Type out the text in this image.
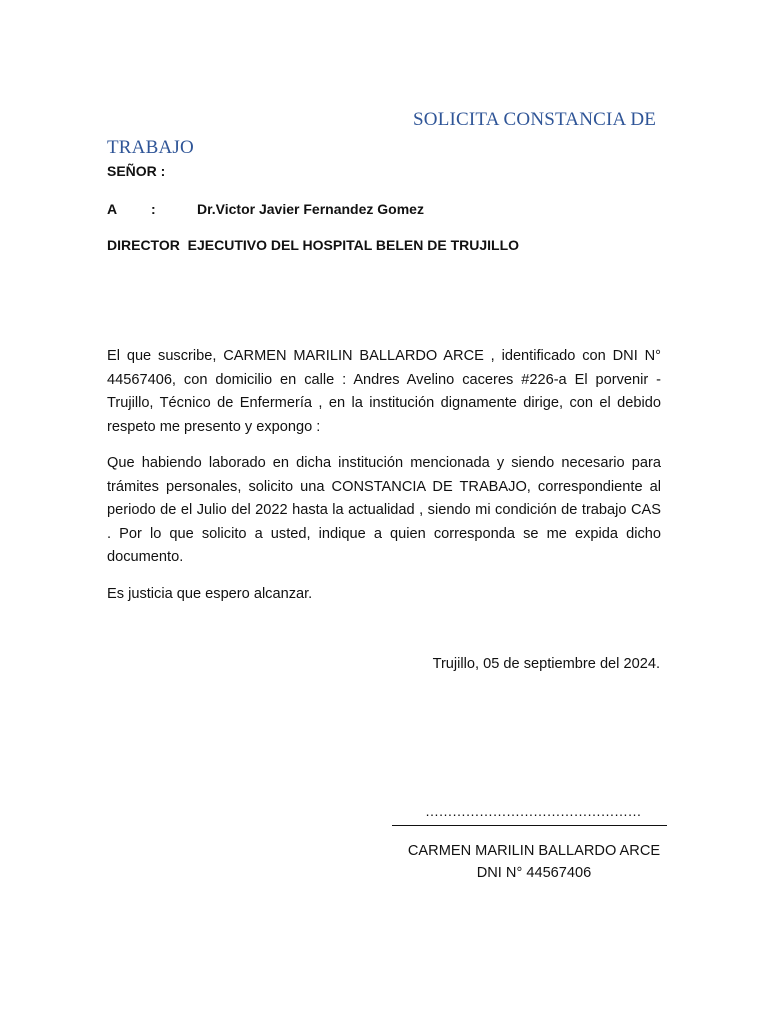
SOLICITA CONSTANCIA DE TRABAJO
SEÑOR :
A	:	Dr.Victor Javier Fernandez Gomez
DIRECTOR  EJECUTIVO DEL HOSPITAL BELEN DE TRUJILLO

El que suscribe, CARMEN MARILIN BALLARDO ARCE , identificado con DNI N° 44567406, con domicilio en calle : Andres Avelino caceres #226-a El porvenir - Trujillo, Técnico de Enfermería , en la institución dignamente dirige, con el debido respeto me presento y expongo :

Que habiendo laborado en dicha institución mencionada y siendo necesario para trámites personales, solicito una CONSTANCIA DE TRABAJO, correspondiente al periodo de el Julio del 2022 hasta la actualidad , siendo mi condición de trabajo CAS . Por lo que solicito a usted, indique a quien corresponda se me expida dicho documento.

Es justicia que espero alcanzar.

Trujillo, 05 de septiembre del 2024.
…………………………………………
CARMEN MARILIN BALLARDO ARCE
DNI N° 44567406
